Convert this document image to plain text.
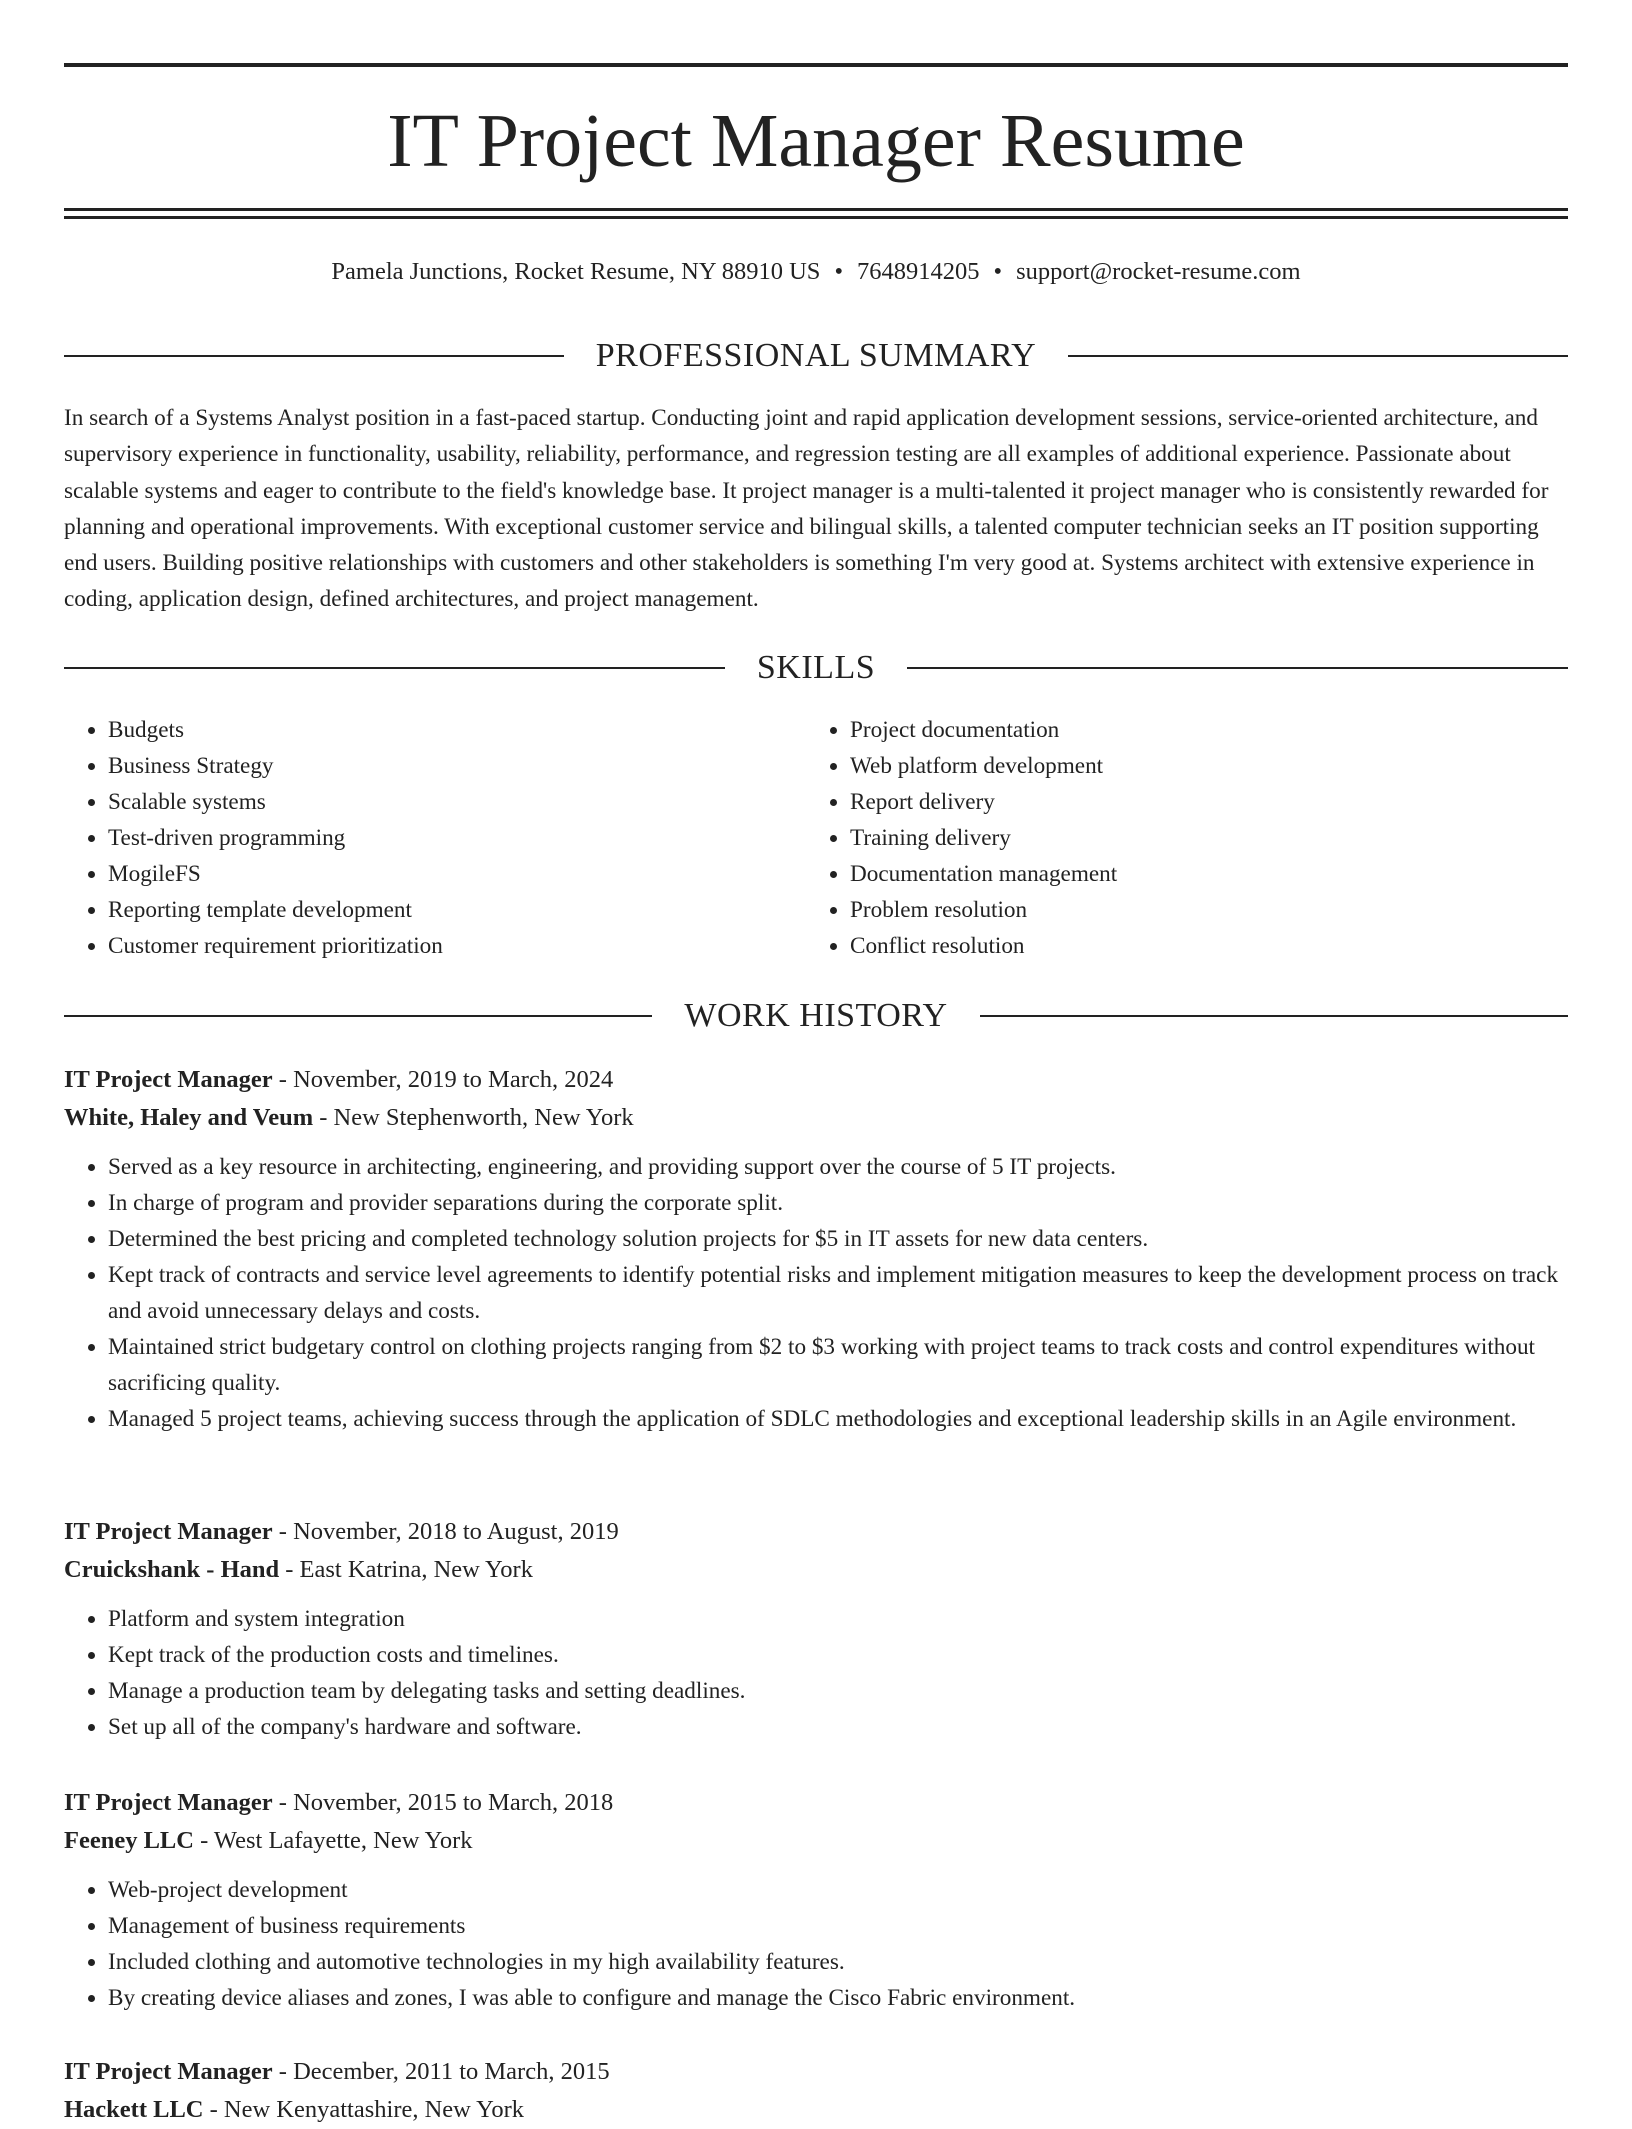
IT Project Manager Resume
Pamela Junctions, Rocket Resume, NY 88910 US • 7648914205 • support@rocket-resume.com
PROFESSIONAL SUMMARY

In search of a Systems Analyst position in a fast-paced startup. Conducting joint and rapid application development sessions, service-oriented architecture, and supervisory experience in functionality, usability, reliability, performance, and regression testing are all examples of additional experience. Passionate about scalable systems and eager to contribute to the field's knowledge base. It project manager is a multi-talented it project manager who is consistently rewarded for planning and operational improvements. With exceptional customer service and bilingual skills, a talented computer technician seeks an IT position supporting end users. Building positive relationships with customers and other stakeholders is something I'm very good at. Systems architect with extensive experience in coding, application design, defined architectures, and project management.

SKILLS
• Budgets
• Business Strategy
• Scalable systems
• Test-driven programming
• MogileFS
• Reporting template development
• Customer requirement prioritization
• Project documentation
• Web platform development
• Report delivery
• Training delivery
• Documentation management
• Problem resolution
• Conflict resolution
WORK HISTORY
IT Project Manager - November, 2019 to March, 2024
White, Haley and Veum - New Stephenworth, New York
• Served as a key resource in architecting, engineering, and providing support over the course of 5 IT projects.
• In charge of program and provider separations during the corporate split.
• Determined the best pricing and completed technology solution projects for $5 in IT assets for new data centers.
• Kept track of contracts and service level agreements to identify potential risks and implement mitigation measures to keep the development process on track and avoid unnecessary delays and costs.
• Maintained strict budgetary control on clothing projects ranging from $2 to $3 working with project teams to track costs and control expenditures without sacrificing quality.
• Managed 5 project teams, achieving success through the application of SDLC methodologies and exceptional leadership skills in an Agile environment.
IT Project Manager - November, 2018 to August, 2019
Cruickshank - Hand - East Katrina, New York
• Platform and system integration
• Kept track of the production costs and timelines.
• Manage a production team by delegating tasks and setting deadlines.
• Set up all of the company's hardware and software.
IT Project Manager - November, 2015 to March, 2018
Feeney LLC - West Lafayette, New York
• Web-project development
• Management of business requirements
• Included clothing and automotive technologies in my high availability features.
• By creating device aliases and zones, I was able to configure and manage the Cisco Fabric environment.
IT Project Manager - December, 2011 to March, 2015
Hackett LLC - New Kenyattashire, New York
